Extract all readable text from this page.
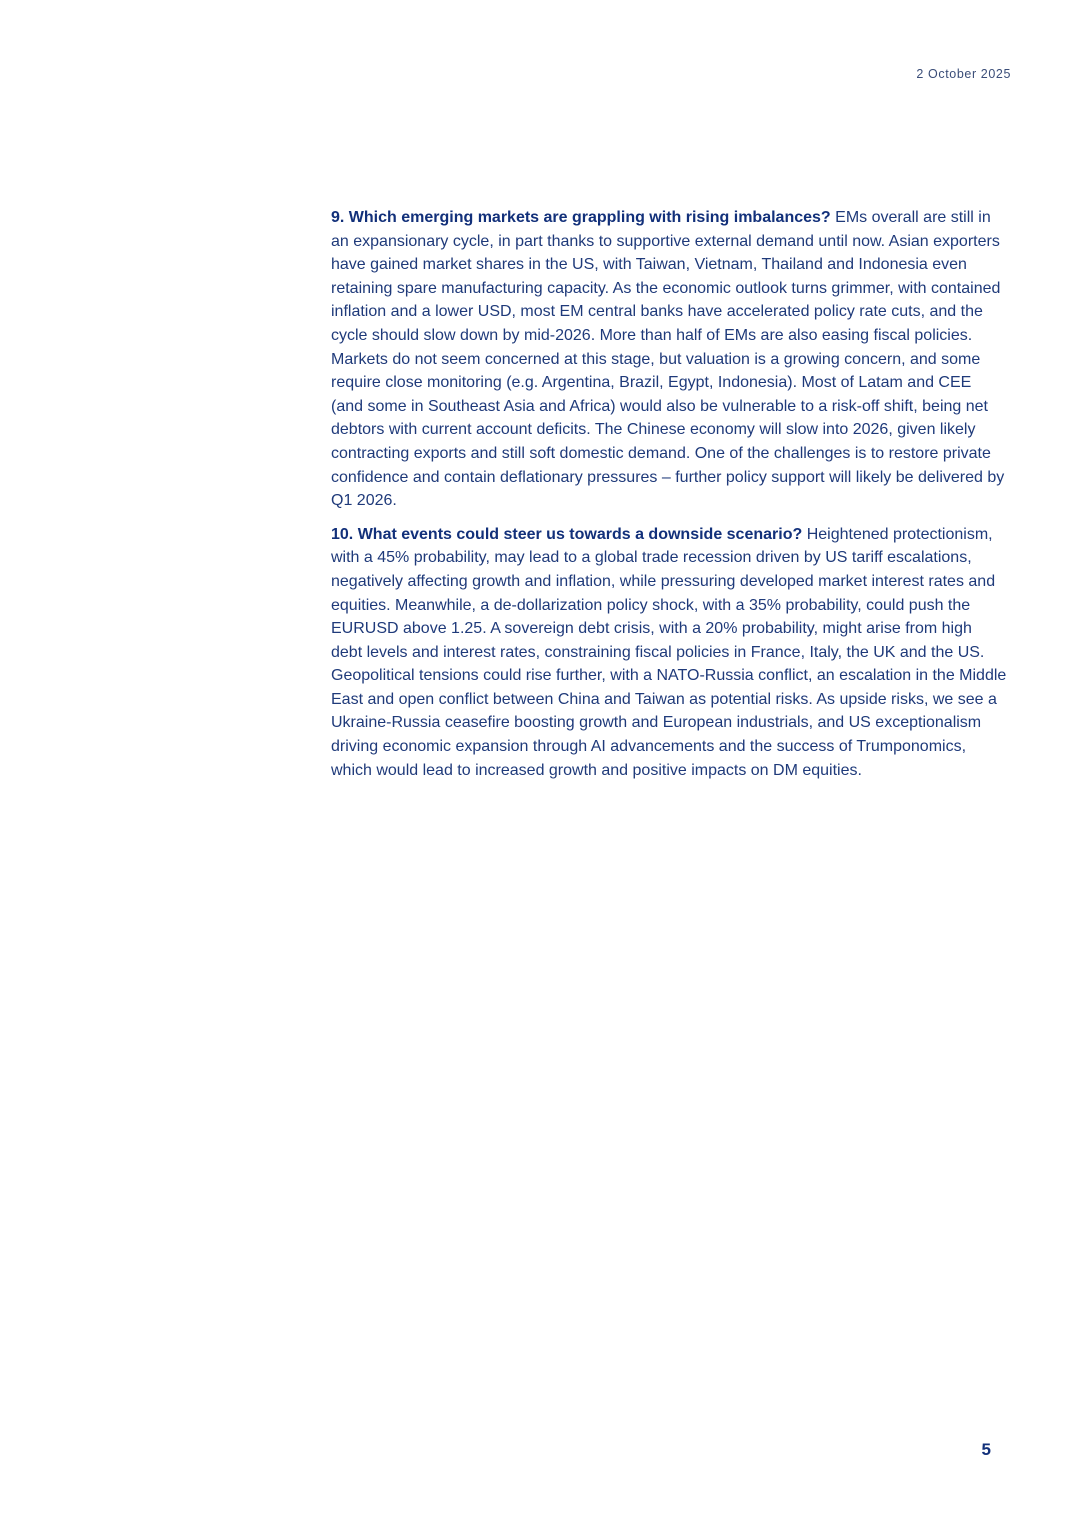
2 October 2025

9. Which emerging markets are grappling with rising imbalances? EMs overall are still in an expansionary cycle, in part thanks to supportive external demand until now. Asian exporters have gained market shares in the US, with Taiwan, Vietnam, Thailand and Indonesia even retaining spare manufacturing capacity. As the economic outlook turns grimmer, with contained inflation and a lower USD, most EM central banks have accelerated policy rate cuts, and the cycle should slow down by mid-2026. More than half of EMs are also easing fiscal policies. Markets do not seem concerned at this stage, but valuation is a growing concern, and some require close monitoring (e.g. Argentina, Brazil, Egypt, Indonesia). Most of Latam and CEE (and some in Southeast Asia and Africa) would also be vulnerable to a risk-off shift, being net debtors with current account deficits. The Chinese economy will slow into 2026, given likely contracting exports and still soft domestic demand. One of the challenges is to restore private confidence and contain deflationary pressures – further policy support will likely be delivered by Q1 2026.

10. What events could steer us towards a downside scenario? Heightened protectionism, with a 45% probability, may lead to a global trade recession driven by US tariff escalations, negatively affecting growth and inflation, while pressuring developed market interest rates and equities. Meanwhile, a de-dollarization policy shock, with a 35% probability, could push the EURUSD above 1.25. A sovereign debt crisis, with a 20% probability, might arise from high debt levels and interest rates, constraining fiscal policies in France, Italy, the UK and the US. Geopolitical tensions could rise further, with a NATO-Russia conflict, an escalation in the Middle East and open conflict between China and Taiwan as potential risks. As upside risks, we see a Ukraine-Russia ceasefire boosting growth and European industrials, and US exceptionalism driving economic expansion through AI advancements and the success of Trumponomics, which would lead to increased growth and positive impacts on DM equities.

5
